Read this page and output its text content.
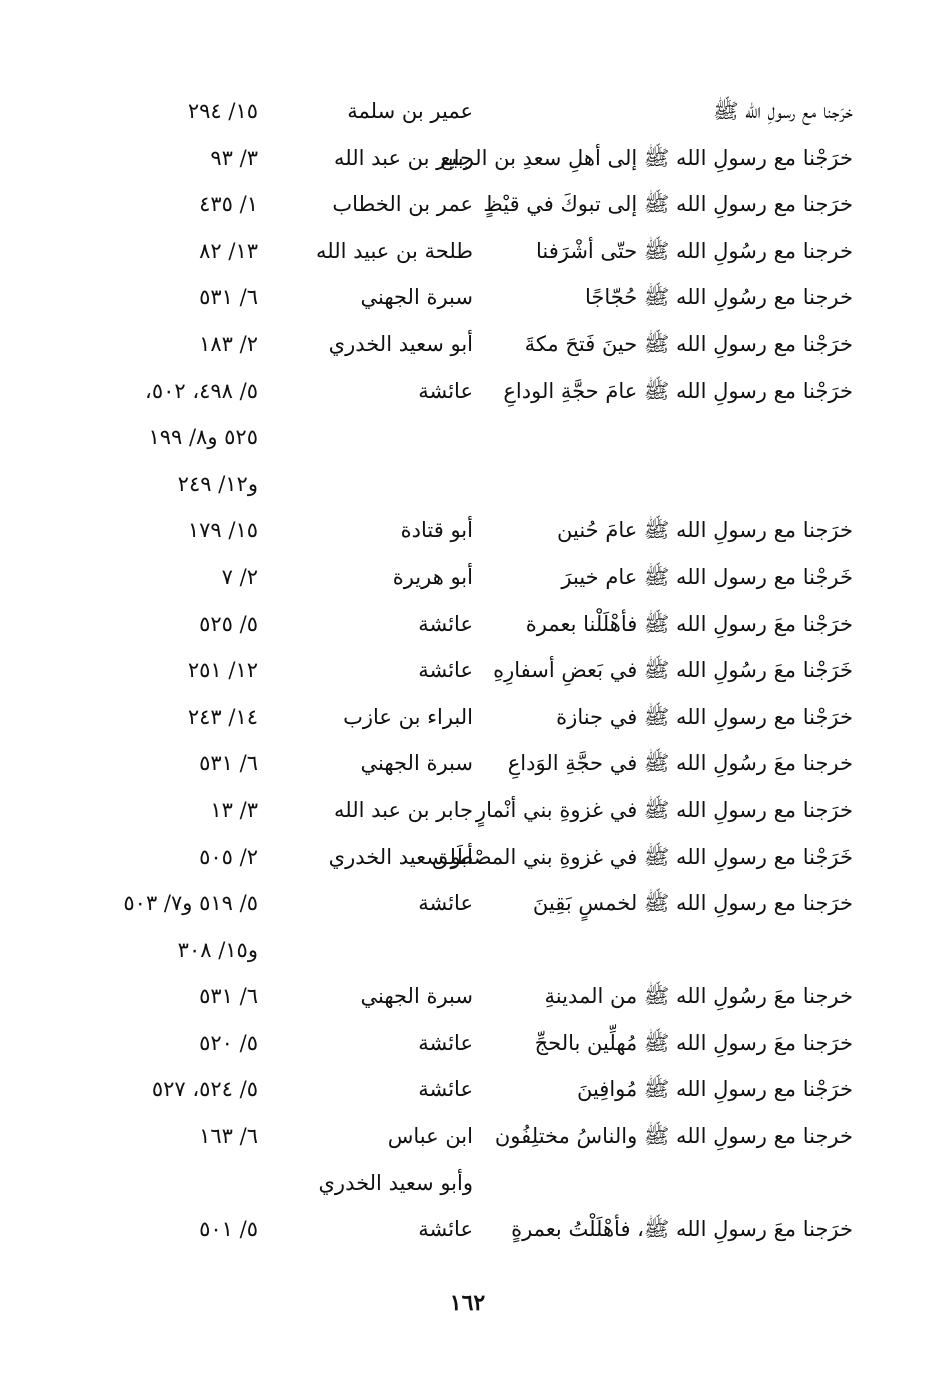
خرَجنا مع رسولِ الله ﷺ
عمير بن سلمة
١٥/ ٢٩٤
خرَجْنا مع رسولِ الله ﷺ إلى أهلِ سعدِ بن الربيع
جابر بن عبد الله
٣/ ٩٣
خرَجنا مع رسولِ الله ﷺ إلى تبوكَ في قيْظٍ
عمر بن الخطاب
١/ ٤٣٥
خرجنا مع رسُولِ الله ﷺ حتّى أشْرَفنا
طلحة بن عبيد الله
١٣/ ٨٢
خرجنا مع رسُولِ الله ﷺ حُجّاجًا
سبرة الجهني
٦/ ٥٣١
خرَجْنا مع رسولِ الله ﷺ حينَ فَتحَ مكةَ
أبو سعيد الخدري
٢/ ١٨٣
خرَجْنا مع رسولِ الله ﷺ عامَ حجَّةِ الوداعِ
عائشة
٥/ ٤٩٨، ٥٠٢،
٥٢٥ و٨/ ١٩٩
و١٢/ ٢٤٩
خرَجنا مع رسولِ الله ﷺ عامَ حُنين
أبو قتادة
١٥/ ١٧٩
خَرجْنا مع رسول الله ﷺ عام خيبرَ
أبو هريرة
٢/ ٧
خرَجْنا معَ رسولِ الله ﷺ فأهْلَلْنا بعمرة
عائشة
٥/ ٥٢٥
خَرَجْنا معَ رسُولِ الله ﷺ في بَعضِ أسفارِهِ
عائشة
١٢/ ٢٥١
خرَجْنا مع رسولِ الله ﷺ في جنازة
البراء بن عازب
١٤/ ٢٤٣
خرجنا معَ رسُولِ الله ﷺ في حجَّةِ الوَداعِ
سبرة الجهني
٦/ ٥٣١
خرَجنا مع رسولِ الله ﷺ في غزوةِ بني أنْمارٍ
جابر بن عبد الله
٣/ ١٣
خَرَجْنا مع رسولِ الله ﷺ في غزوةِ بني المصْطَلِق
أبو سعيد الخدري
٢/ ٥٠٥
خرَجنا مع رسولِ الله ﷺ لخمسٍ بَقِينَ
عائشة
٥/ ٥١٩ و٧/ ٥٠٣
و١٥/ ٣٠٨
خرجنا معَ رسُولِ الله ﷺ من المدينةِ
سبرة الجهني
٦/ ٥٣١
خرَجنا معَ رسولِ الله ﷺ مُهلِّين بالحجِّ
عائشة
٥/ ٥٢٠
خرَجْنا مع رسولِ الله ﷺ مُوافِينَ
عائشة
٥/ ٥٢٤، ٥٢٧
خرجنا مع رسولِ الله ﷺ والناسُ مختلِفُون
ابن عباس
٦/ ١٦٣
وأبو سعيد الخدري
خرَجنا معَ رسولِ الله ﷺ، فأهْلَلْتُ بعمرةٍ
عائشة
٥/ ٥٠١
١٦٢
